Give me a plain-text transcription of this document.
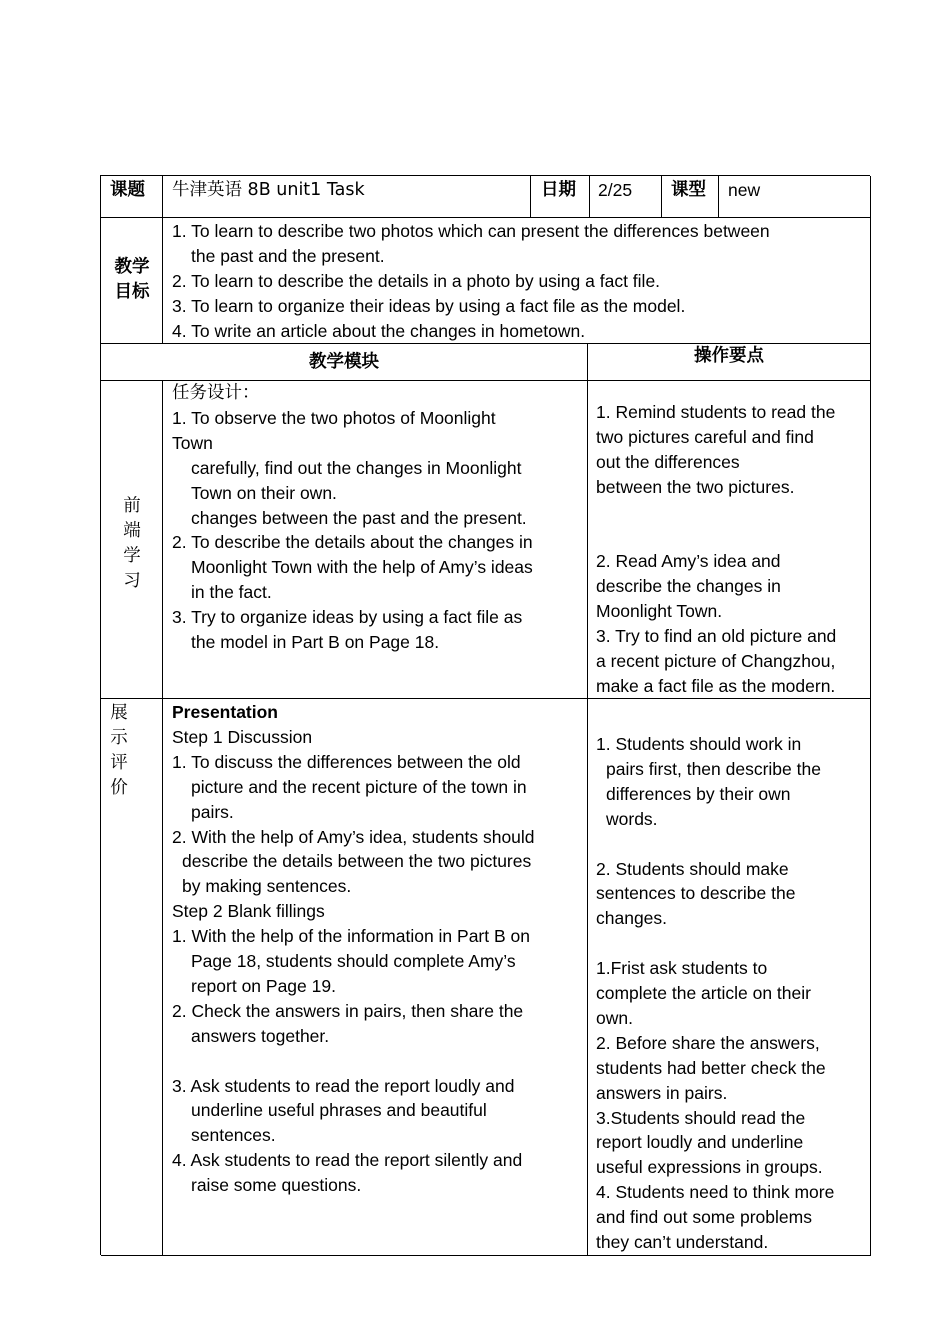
课题 牛津英语 8B unit1 Task	日期 2/25 课型 new
教学
目标

1. To learn to describe two photos which can present the differences between

the past and the present.

2. To learn to describe the details in a photo by using a fact file.

3. To learn to organize their ideas by using a fact file as the model.

4. To write an article about the changes in hometown.

教学模块	操作要点
前
端
学
习

任务设计：

1. To observe the two photos of Moonlight

Town

carefully, find out the changes in Moonlight

Town on their own.

changes between the past and the present.

2. To describe the details about the changes in

Moonlight Town with the help of Amy’s ideas

in the fact.

3. Try to organize ideas by using a fact file as

the model in Part B on Page 18.

1. Remind students to read the

two pictures careful and find

out the differences

between the two pictures.

2. Read Amy’s idea and

describe the changes in

Moonlight Town.

3. Try to find an old picture and

a recent picture of Changzhou,

make a fact file as the modern.

展
示
评
价

Presentation

Step 1 Discussion

1. To discuss the differences between the old

picture and the recent picture of the town in

pairs.

2. With the help of Amy’s idea, students should

describe the details between the two pictures

by making sentences.

Step 2 Blank fillings

1. With the help of the information in Part B on

Page 18, students should complete Amy’s

report on Page 19.

2. Check the answers in pairs, then share the

answers together.

3. Ask students to read the report loudly and

underline useful phrases and beautiful

sentences.

4. Ask students to read the report silently and

raise some questions.

1. Students should work in

pairs first, then describe the

differences by their own

words.

2. Students should make

sentences to describe the

changes.

1.Frist ask students to

complete the article on their

own.

2. Before share the answers,

students had better check the

answers in pairs.

3.Students should read the

report loudly and underline

useful expressions in groups.

4. Students need to think more

and find out some problems

they can’t understand.
